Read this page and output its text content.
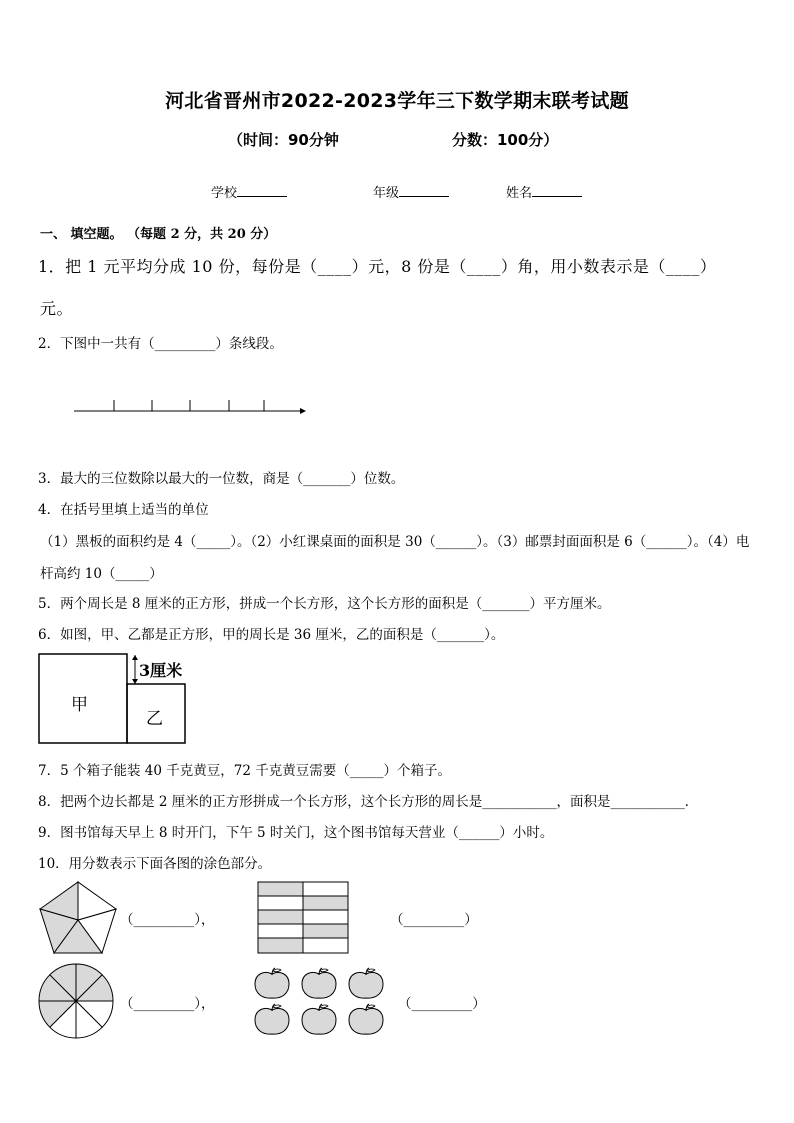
河北省晋州市2022-2023学年三下数学期末联考试题
（时间：90分钟	分数：100分）
学校	年级	姓名
一、 填空题。 （每题 2 分，共 20 分）
1．把 1 元平均分成 10 份，每份是（____）元，8 份是（____）角，用小数表示是（____）
元。
2．下图中一共有（_________）条线段。
3．最大的三位数除以最大的一位数，商是（_______）位数。
4．在括号里填上适当的单位
（1）黑板的面积约是 4（_____）。（2）小红课桌面的面积是 30（______）。（3）邮票封面面积是 6（______）。（4）电
杆高约 10（_____）
5．两个周长是 8 厘米的正方形，拼成一个长方形，这个长方形的面积是（_______）平方厘米。
6．如图，甲、乙都是正方形，甲的周长是 36 厘米，乙的面积是（_______）。
甲
乙
3厘米
7．5 个箱子能装 40 千克黄豆，72 千克黄豆需要（_____）个箱子。
8．把两个边长都是 2 厘米的正方形拼成一个长方形，这个长方形的周长是___________，面积是___________．
9．图书馆每天早上 8 时开门，下午 5 时关门，这个图书馆每天营业（______）小时。
10．用分数表示下面各图的涂色部分。
（_________），	（_________）
（_________），	（_________）
